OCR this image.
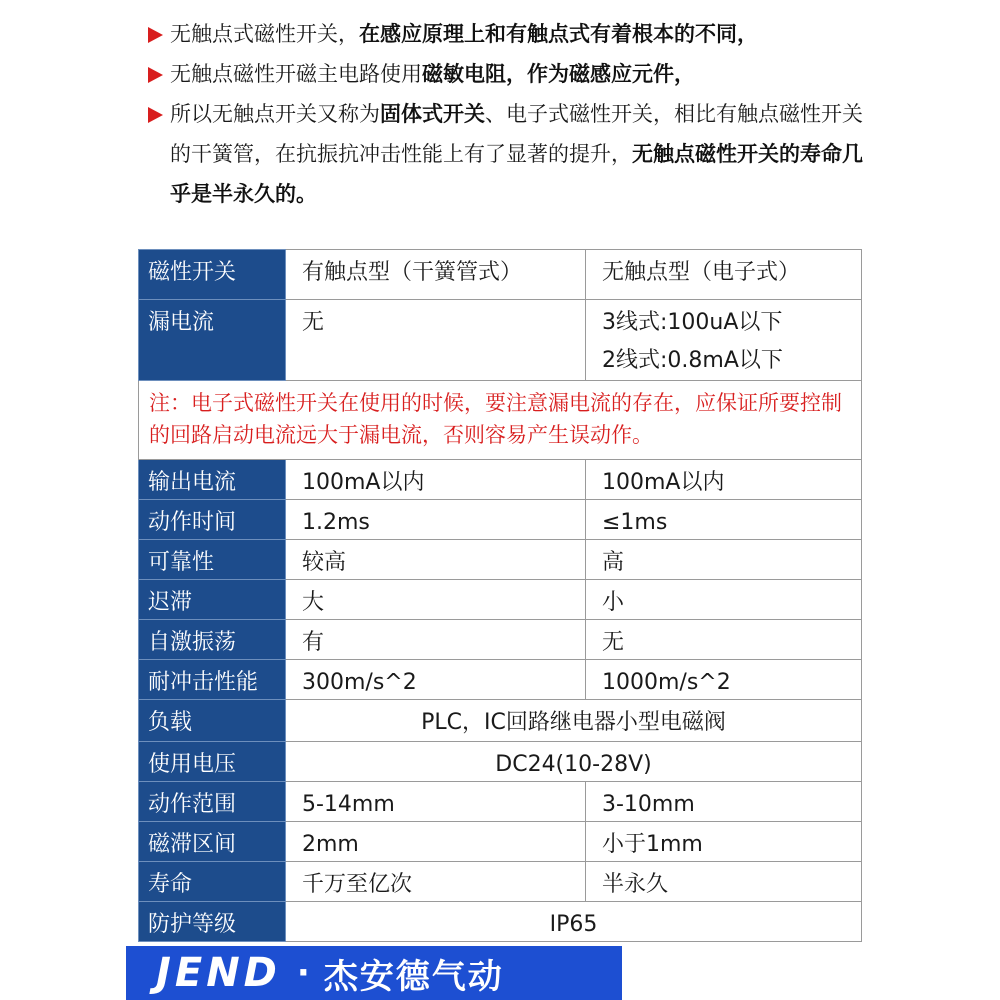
无触点式磁性开关，在感应原理上和有触点式有着根本的不同，

无触点磁性开磁主电路使用磁敏电阻，作为磁感应元件，

所以无触点开关又称为固体式开关、电子式磁性开关，相比有触点磁性开关的干簧管，在抗振抗冲击性能上有了显著的提升，无触点磁性开关的寿命几乎是半永久的。

磁性开关	有触点型（干簧管式）	无触点型（电子式）
漏电流	无	3线式:100uA以下
2线式:0.8mA以下

注：电子式磁性开关在使用的时候，要注意漏电流的存在，应保证所要控制的回路启动电流远大于漏电流，否则容易产生误动作。		
输出电流	100mA以内	100mA以内
动作时间	1.2ms	≤1ms
可靠性	较高	高
迟滞	大	小
自激振荡	有	无
耐冲击性能	300m/s^2	1000m/s^2
负载	PLC，IC回路继电器小型电磁阀	
使用电压	DC24(10-28V)	
动作范围	5-14mm	3-10mm
磁滞区间	2mm	小于1mm
寿命	千万至亿次	半永久
防护等级	IP65	
JEND · 杰安德气动
